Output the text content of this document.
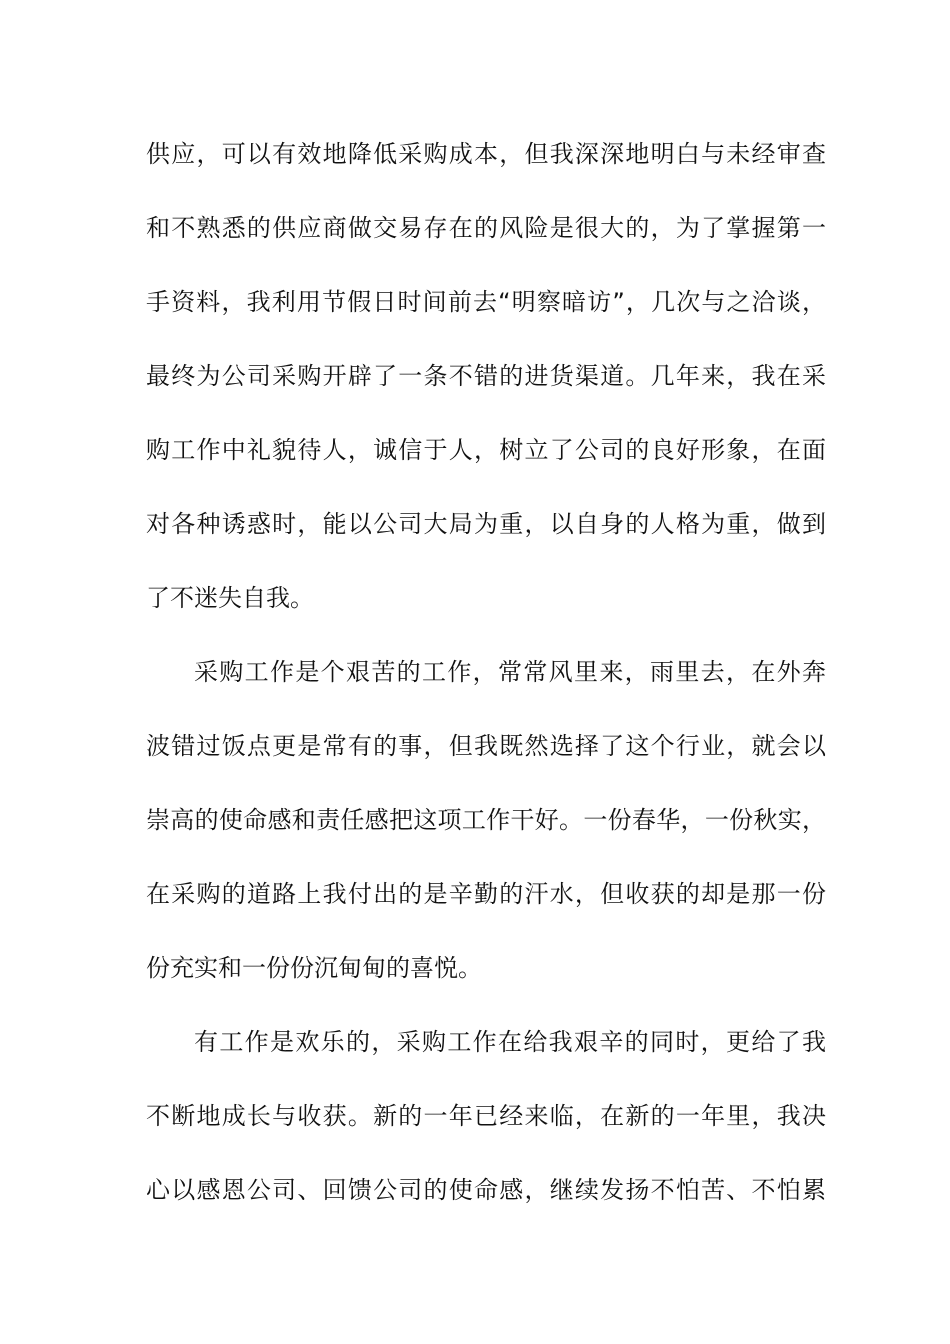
供应，可以有效地降低采购成本，但我深深地明白与未经审查
和不熟悉的供应商做交易存在的风险是很大的，为了掌握第一
手资料，我利用节假日时间前去“明察暗访”，几次与之洽谈，
最终为公司采购开辟了一条不错的进货渠道。几年来，我在采
购工作中礼貌待人，诚信于人，树立了公司的良好形象，在面
对各种诱惑时，能以公司大局为重，以自身的人格为重，做到
了不迷失自我。
采购工作是个艰苦的工作，常常风里来，雨里去，在外奔
波错过饭点更是常有的事，但我既然选择了这个行业，就会以
崇高的使命感和责任感把这项工作干好。一份春华，一份秋实，
在采购的道路上我付出的是辛勤的汗水，但收获的却是那一份
份充实和一份份沉甸甸的喜悦。
有工作是欢乐的，采购工作在给我艰辛的同时，更给了我
不断地成长与收获。新的一年已经来临，在新的一年里，我决
心以感恩公司、回馈公司的使命感，继续发扬不怕苦、不怕累
